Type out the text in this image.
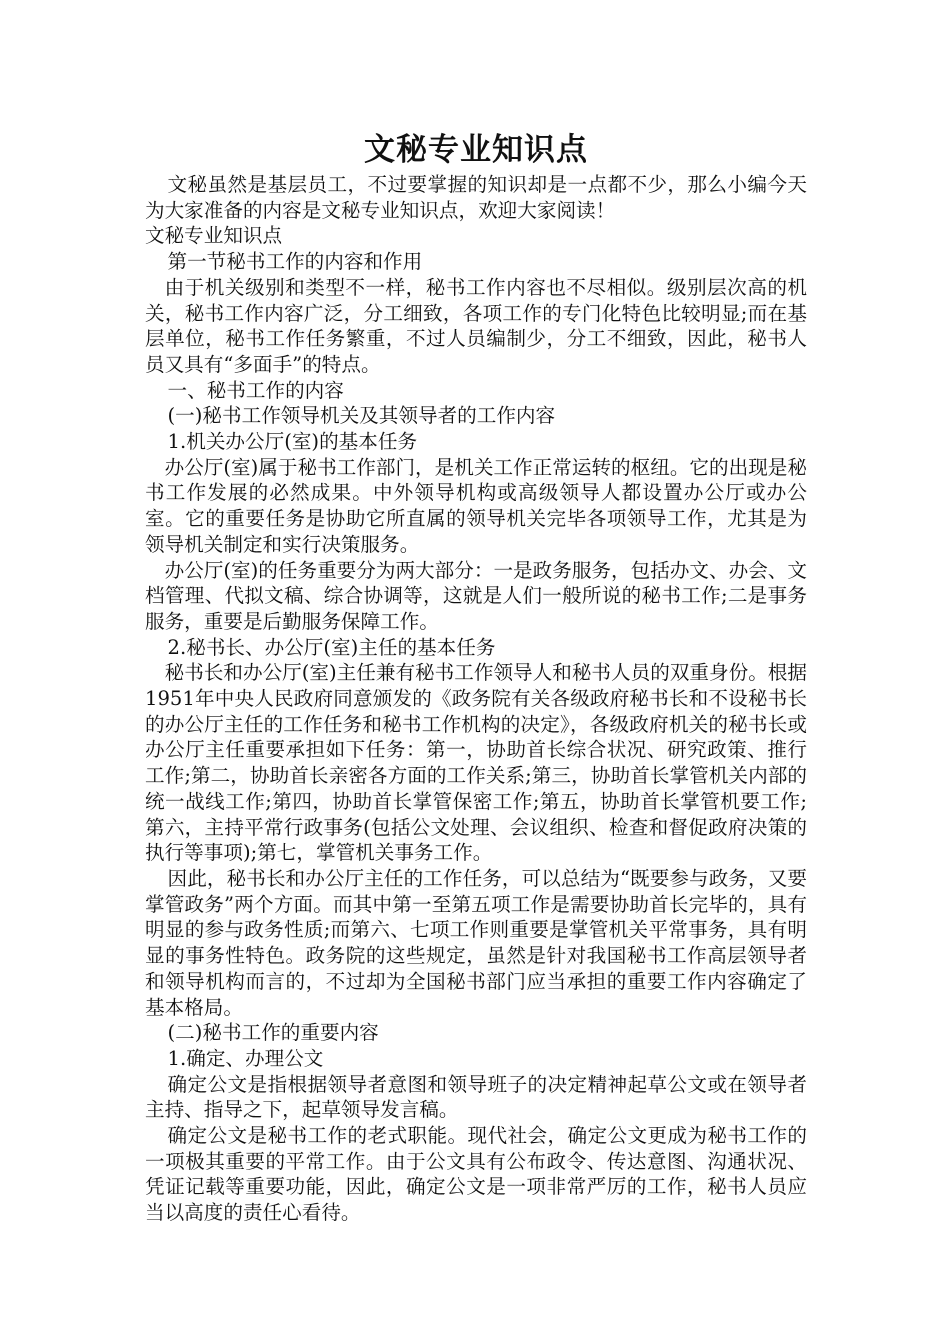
文秘专业知识点

文秘虽然是基层员工，不过要掌握的知识却是一点都不少，那么小编今天为大家准备的内容是文秘专业知识点，欢迎大家阅读！

文秘专业知识点

第一节秘书工作的内容和作用

由于机关级别和类型不一样，秘书工作内容也不尽相似。级别层次高的机关，秘书工作内容广泛，分工细致，各项工作的专门化特色比较明显;而在基层单位，秘书工作任务繁重，不过人员编制少，分工不细致，因此，秘书人员又具有“多面手”的特点。

一、秘书工作的内容

(一)秘书工作领导机关及其领导者的工作内容

1.机关办公厅(室)的基本任务

办公厅(室)属于秘书工作部门，是机关工作正常运转的枢纽。它的出现是秘书工作发展的必然成果。中外领导机构或高级领导人都设置办公厅或办公室。它的重要任务是协助它所直属的领导机关完毕各项领导工作，尤其是为领导机关制定和实行决策服务。

办公厅(室)的任务重要分为两大部分：一是政务服务，包括办文、办会、文档管理、代拟文稿、综合协调等，这就是人们一般所说的秘书工作;二是事务服务，重要是后勤服务保障工作。

2.秘书长、办公厅(室)主任的基本任务

秘书长和办公厅(室)主任兼有秘书工作领导人和秘书人员的双重身份。根据1951年中央人民政府同意颁发的《政务院有关各级政府秘书长和不设秘书长的办公厅主任的工作任务和秘书工作机构的决定》，各级政府机关的秘书长或办公厅主任重要承担如下任务：第一，协助首长综合状况、研究政策、推行工作;第二，协助首长亲密各方面的工作关系;第三，协助首长掌管机关内部的统一战线工作;第四，协助首长掌管保密工作;第五，协助首长掌管机要工作;第六，主持平常行政事务(包括公文处理、会议组织、检查和督促政府决策的执行等事项);第七，掌管机关事务工作。

因此，秘书长和办公厅主任的工作任务，可以总结为“既要参与政务，又要掌管政务”两个方面。而其中第一至第五项工作是需要协助首长完毕的，具有明显的参与政务性质;而第六、七项工作则重要是掌管机关平常事务，具有明显的事务性特色。政务院的这些规定，虽然是针对我国秘书工作高层领导者和领导机构而言的，不过却为全国秘书部门应当承担的重要工作内容确定了基本格局。

(二)秘书工作的重要内容

1.确定、办理公文

确定公文是指根据领导者意图和领导班子的决定精神起草公文或在领导者主持、指导之下，起草领导发言稿。

确定公文是秘书工作的老式职能。现代社会，确定公文更成为秘书工作的一项极其重要的平常工作。由于公文具有公布政令、传达意图、沟通状况、凭证记载等重要功能，因此，确定公文是一项非常严厉的工作，秘书人员应当以高度的责任心看待。
